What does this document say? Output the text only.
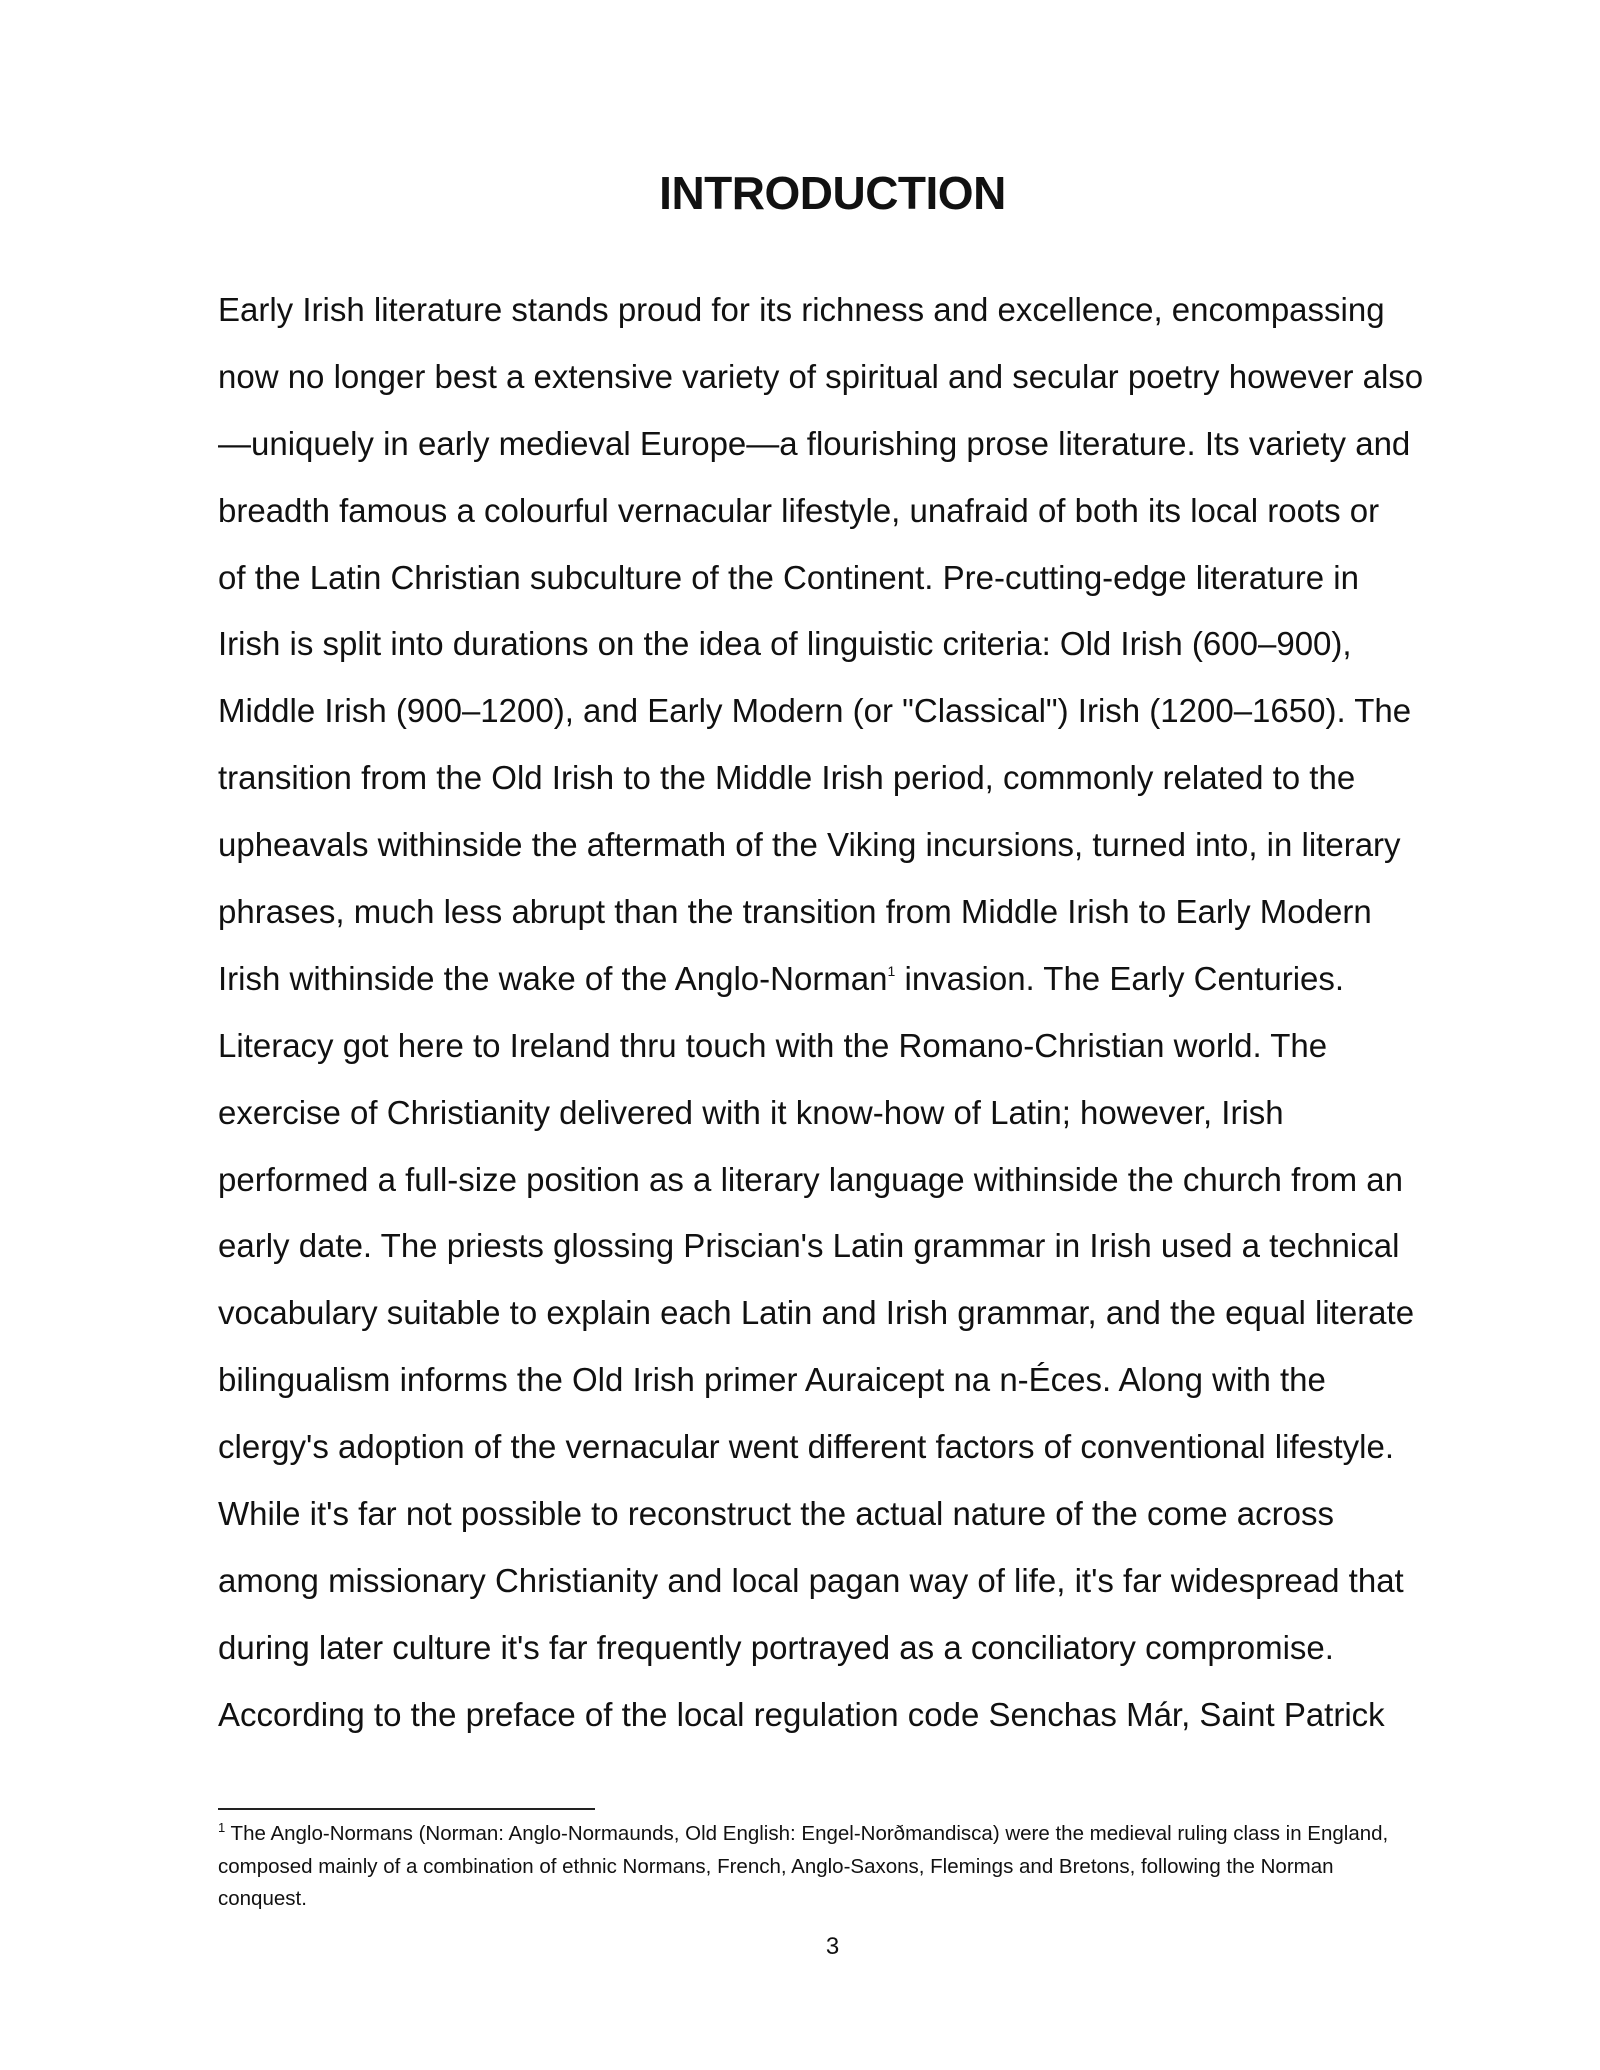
INTRODUCTION
Early Irish literature stands proud for its richness and excellence, encompassing
now no longer best a extensive variety of spiritual and secular poetry however also
—uniquely in early medieval Europe—a flourishing prose literature. Its variety and
breadth famous a colourful vernacular lifestyle, unafraid of both its local roots or
of the Latin Christian subculture of the Continent. Pre-cutting-edge literature in
Irish is split into durations on the idea of linguistic criteria: Old Irish (600–900),
Middle Irish (900–1200), and Early Modern (or "Classical") Irish (1200–1650). The
transition from the Old Irish to the Middle Irish period, commonly related to the
upheavals withinside the aftermath of the Viking incursions, turned into, in literary
phrases, much less abrupt than the transition from Middle Irish to Early Modern
Irish withinside the wake of the Anglo-Norman$^1$ invasion. The Early Centuries.
Literacy got here to Ireland thru touch with the Romano-Christian world. The
exercise of Christianity delivered with it know-how of Latin; however, Irish
performed a full-size position as a literary language withinside the church from an
early date. The priests glossing Priscian's Latin grammar in Irish used a technical
vocabulary suitable to explain each Latin and Irish grammar, and the equal literate
bilingualism informs the Old Irish primer Auraicept na n-Éces. Along with the
clergy's adoption of the vernacular went different factors of conventional lifestyle.
While it's far not possible to reconstruct the actual nature of the come across
among missionary Christianity and local pagan way of life, it's far widespread that
during later culture it's far frequently portrayed as a conciliatory compromise.
According to the preface of the local regulation code Senchas Már, Saint Patrick
$^1$ The Anglo-Normans (Norman: Anglo-Normaunds, Old English: Engel-Norðmandisca) were the medieval ruling class in England,
composed mainly of a combination of ethnic Normans, French, Anglo-Saxons, Flemings and Bretons, following the Norman
conquest.
3
